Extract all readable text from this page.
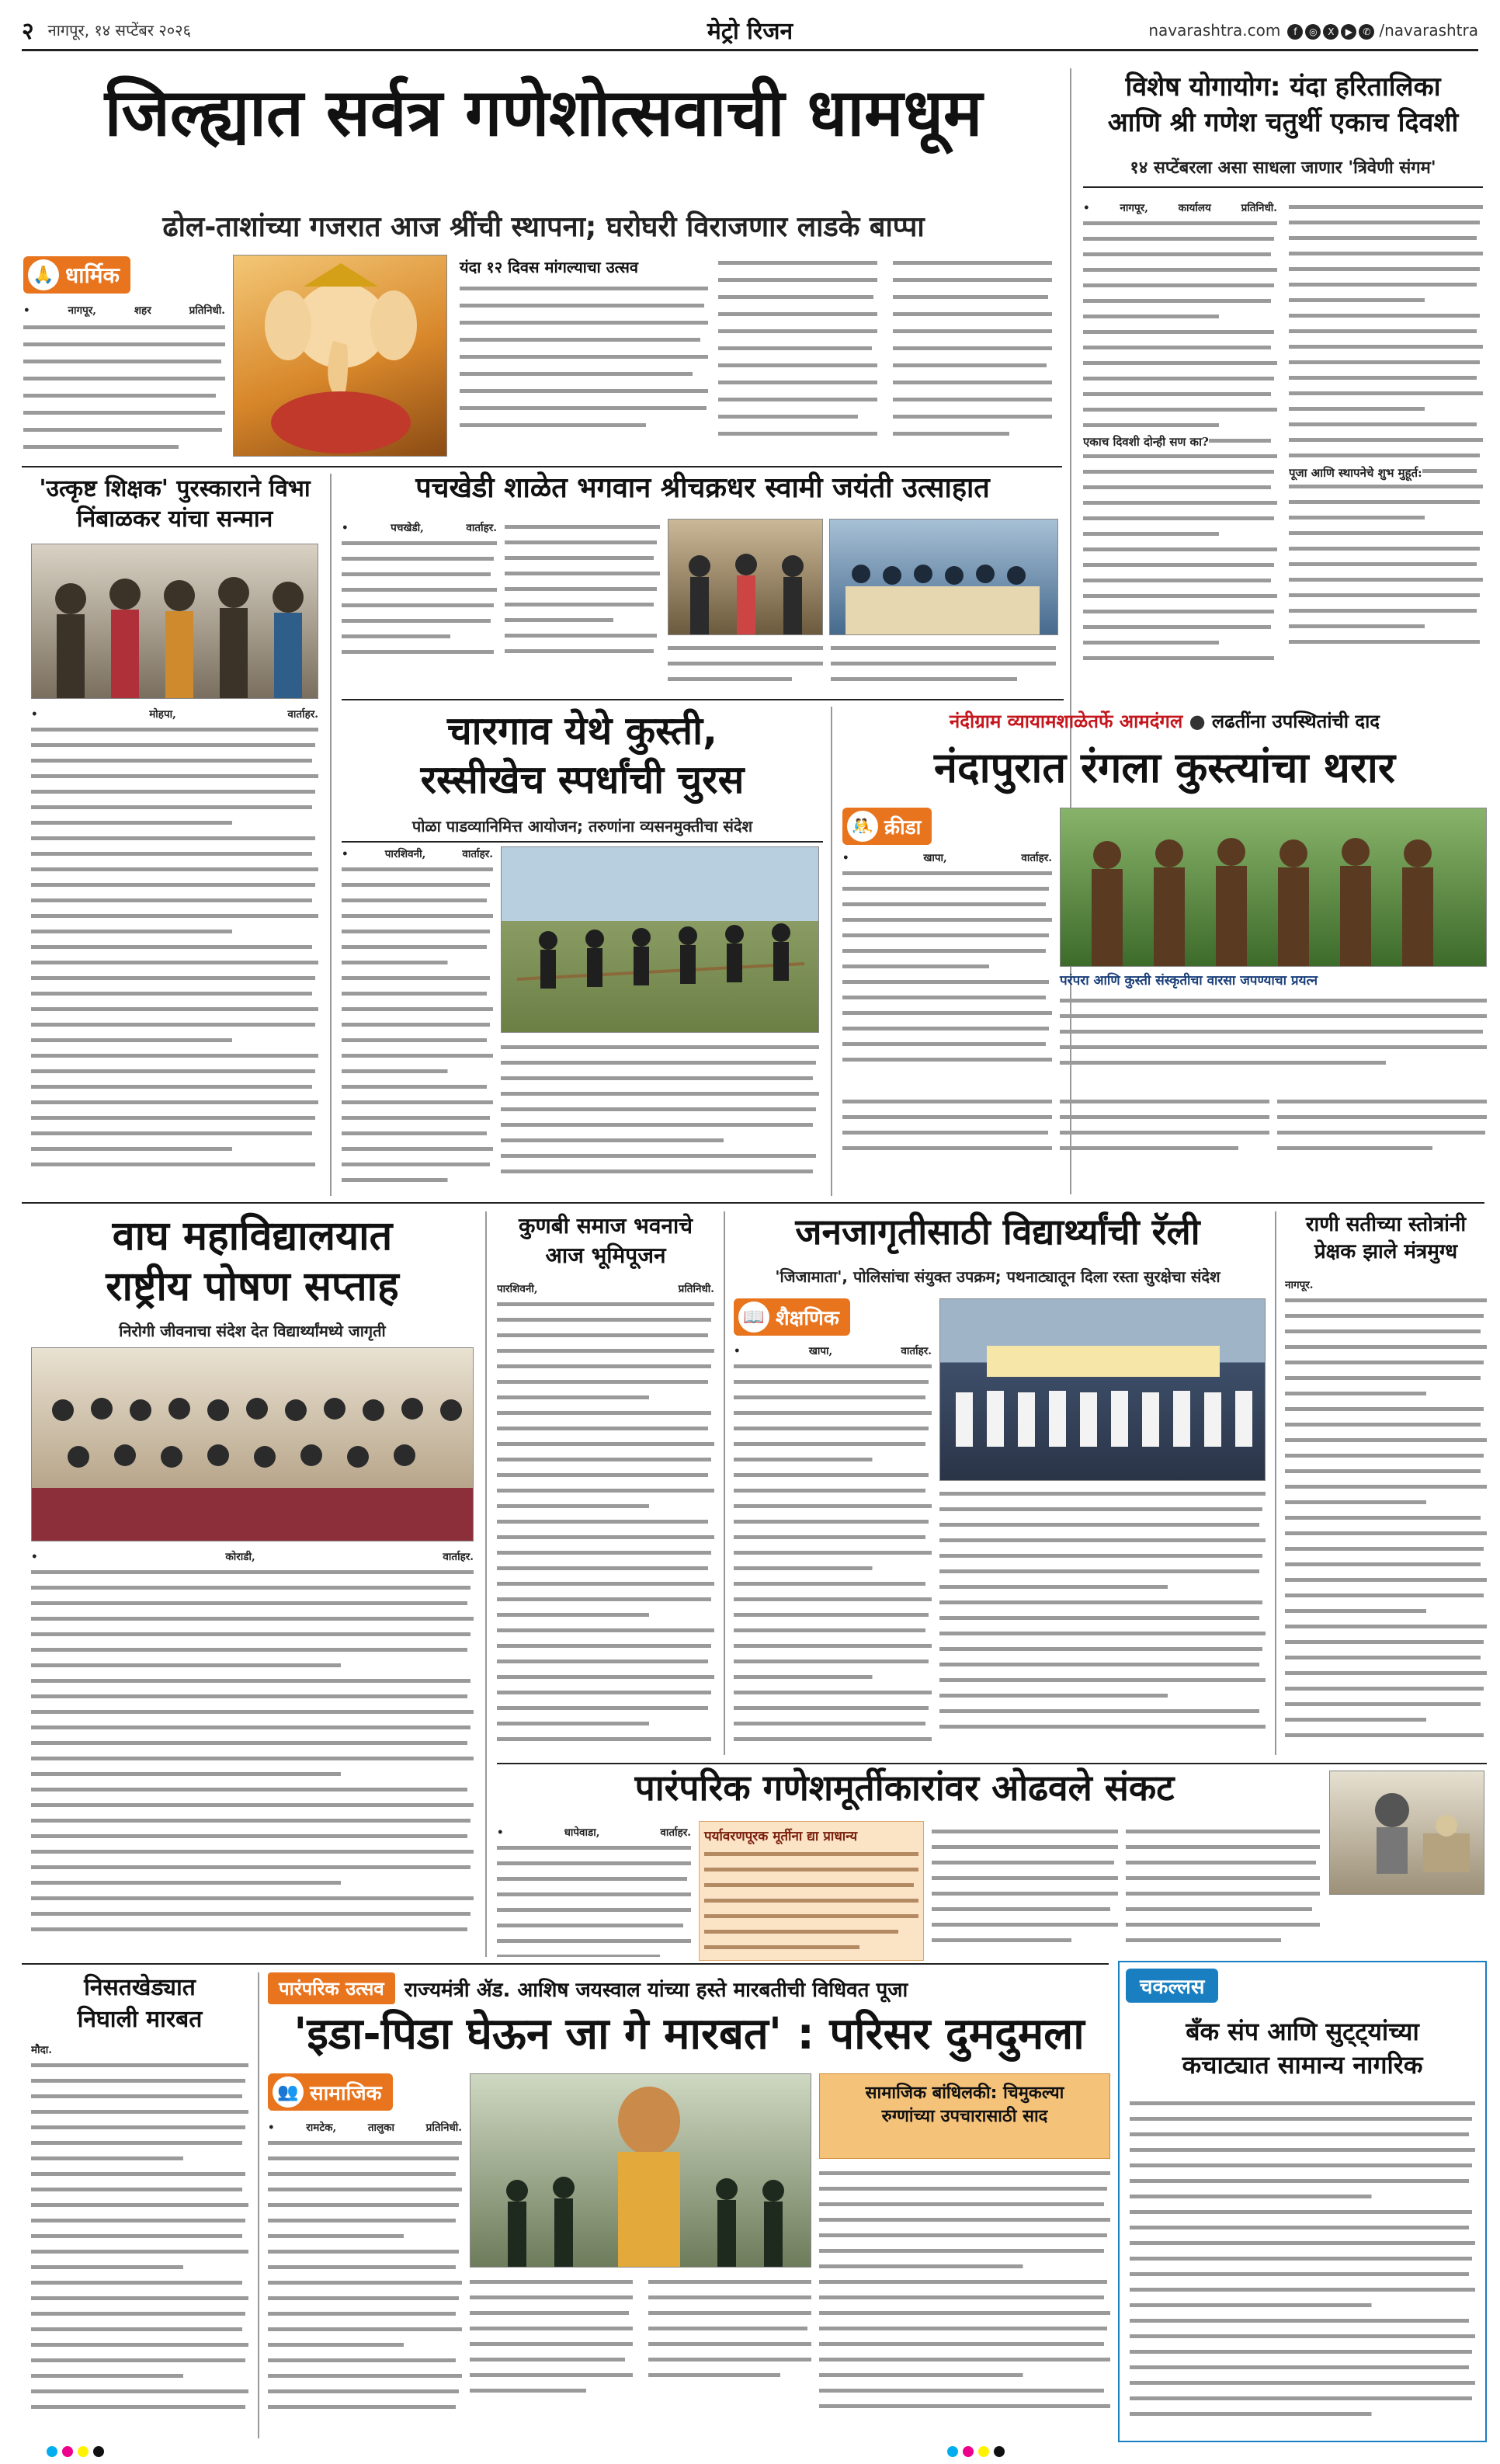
२ नागपूर, १४ सप्टेंबर २०२६	मेट्रो रिजन	navarashtra.com	f ◎ X ▶ ✆ /navarashtra
जिल्ह्यात सर्वत्र गणेशोत्सवाची धामधूम
ढोल-ताशांच्या गजरात आज श्रींची स्थापना; घरोघरी विराजणार लाडके बाप्पा
🙏 धार्मिक
• नागपूर, शहर प्रतिनिधी.
यंदा १२ दिवस मांगल्याचा उत्सव
विशेष योगायोग: यंदा हरितालिका
आणि श्री गणेश चतुर्थी एकाच दिवशी
१४ सप्टेंबरला असा साधला जाणार 'त्रिवेणी संगम'
• नागपूर, कार्यालय प्रतिनिधी.
एकाच दिवशी दोन्ही सण का?
पूजा आणि स्थापनेचे शुभ मुहूर्त:
'उत्कृष्ट शिक्षक' पुरस्काराने विभा निंबाळकर यांचा सन्मान
• मोहपा, वार्ताहर.
पचखेडी शाळेत भगवान श्रीचक्रधर स्वामी जयंती उत्साहात
• पचखेडी, वार्ताहर.
चारगाव येथे कुस्ती,
रस्सीखेच स्पर्धांची चुरस
पोळा पाडव्यानिमित्त आयोजन; तरुणांना व्यसनमुक्तीचा संदेश
• पारशिवनी, वार्ताहर.
नंदीग्राम व्यायामशाळेतर्फे आमदंगल ● लढतींना उपस्थितांची दाद
नंदापुरात रंगला कुस्त्यांचा थरार
🤼 क्रीडा
• खापा, वार्ताहर.
परंपरा आणि कुस्ती संस्कृतीचा वारसा जपण्याचा प्रयत्न
वाघ महाविद्यालयात
राष्ट्रीय पोषण सप्ताह
निरोगी जीवनाचा संदेश देत विद्यार्थ्यांमध्ये जागृती
• कोराडी, वार्ताहर.
कुणबी समाज भवनाचे
आज भूमिपूजन
पारशिवनी, प्रतिनिधी.
जनजागृतीसाठी विद्यार्थ्यांची रॅली
'जिजामाता', पोलिसांचा संयुक्त उपक्रम; पथनाट्यातून दिला रस्ता सुरक्षेचा संदेश
📖 शैक्षणिक
• खापा, वार्ताहर.
राणी सतीच्या स्तोत्रांनी
प्रेक्षक झाले मंत्रमुग्ध
नागपूर.
पारंपरिक गणेशमूर्तीकारांवर ओढवले संकट
• धापेवाडा, वार्ताहर. पर्यावरणपूरक मूर्तीना द्या प्राधान्य
चकल्लस
बँक संप आणि सुट्ट्यांच्या
कचाट्यात सामान्य नागरिक
निसतखेड्यात
निघाली मारबत
मौदा.
पारंपरिक उत्सव	राज्यमंत्री ॲड. आशिष जयस्वाल यांच्या हस्ते मारबतीची विधिवत पूजा
'इडा-पिडा घेऊन जा गे मारबत' : परिसर दुमदुमला
👥 सामाजिक
• रामटेक, तालुका प्रतिनिधी.
सामाजिक बांधिलकी: चिमुकल्या
रुग्णांच्या उपचारासाठी साद
